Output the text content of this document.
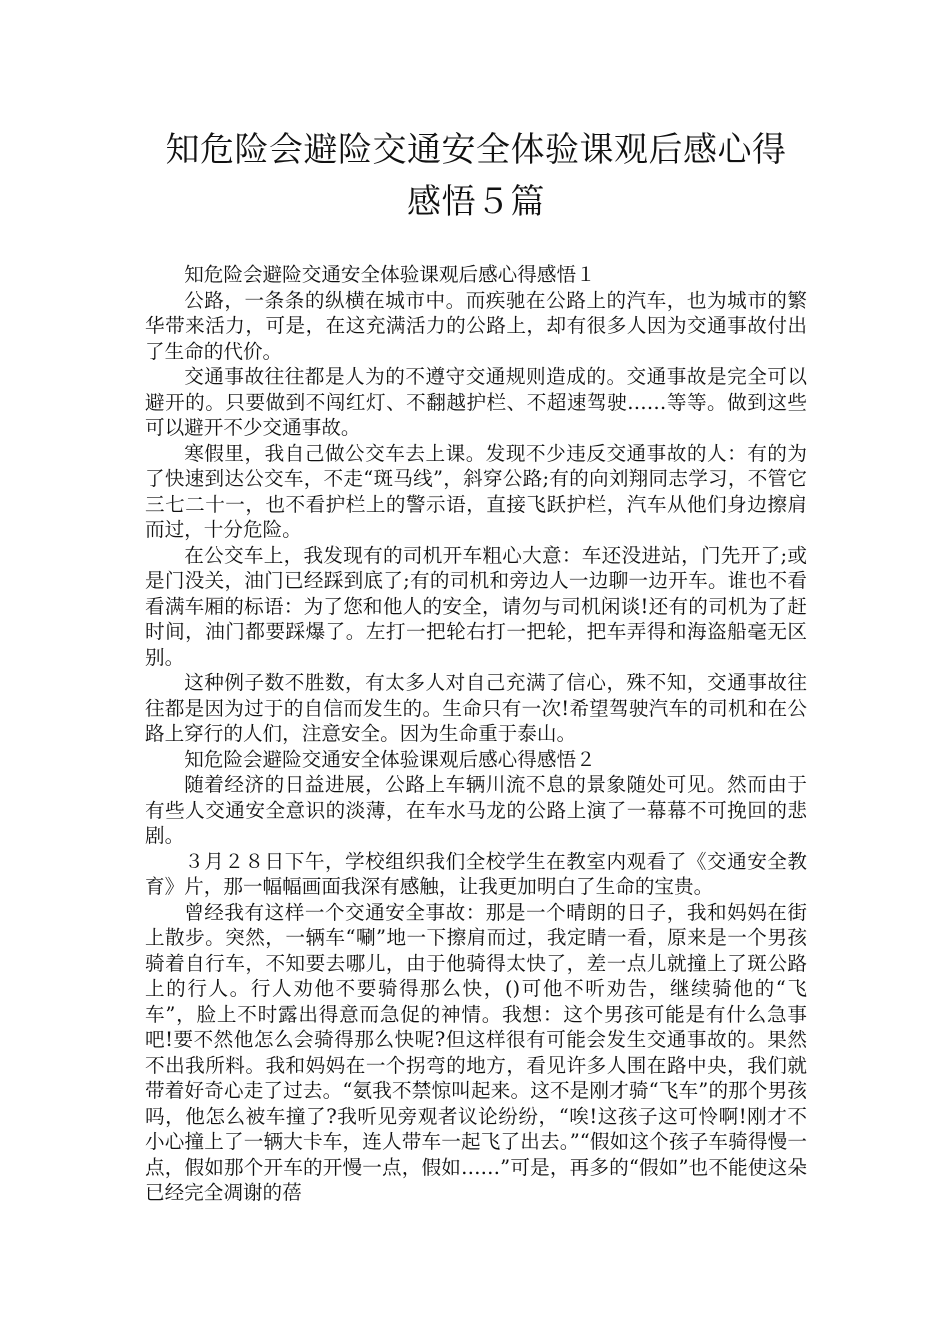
知危险会避险交通安全体验课观后感心得
感悟５篇

知危险会避险交通安全体验课观后感心得感悟１

公路，一条条的纵横在城市中。而疾驰在公路上的汽车，也为城市的繁华带来活力，可是，在这充满活力的公路上，却有很多人因为交通事故付出了生命的代价。

交通事故往往都是人为的不遵守交通规则造成的。交通事故是完全可以避开的。只要做到不闯红灯、不翻越护栏、不超速驾驶……等等。做到这些可以避开不少交通事故。

寒假里，我自己做公交车去上课。发现不少违反交通事故的人：有的为了快速到达公交车，不走“斑马线”，斜穿公路;有的向刘翔同志学习，不管它三七二十一，也不看护栏上的警示语，直接飞跃护栏，汽车从他们身边擦肩而过，十分危险。

在公交车上，我发现有的司机开车粗心大意：车还没进站，门先开了;或是门没关，油门已经踩到底了;有的司机和旁边人一边聊一边开车。谁也不看看满车厢的标语：为了您和他人的安全，请勿与司机闲谈!还有的司机为了赶时间，油门都要踩爆了。左打一把轮右打一把轮，把车弄得和海盗船毫无区别。

这种例子数不胜数，有太多人对自己充满了信心，殊不知，交通事故往往都是因为过于的自信而发生的。生命只有一次!希望驾驶汽车的司机和在公路上穿行的人们，注意安全。因为生命重于泰山。

知危险会避险交通安全体验课观后感心得感悟２

随着经济的日益进展，公路上车辆川流不息的景象随处可见。然而由于有些人交通安全意识的淡薄，在车水马龙的公路上演了一幕幕不可挽回的悲剧。

３月２８日下午，学校组织我们全校学生在教室内观看了《交通安全教育》片，那一幅幅画面我深有感触，让我更加明白了生命的宝贵。

曾经我有这样一个交通安全事故：那是一个晴朗的日子，我和妈妈在街上散步。突然，一辆车“唰”地一下擦肩而过，我定睛一看，原来是一个男孩骑着自行车，不知要去哪儿，由于他骑得太快了，差一点儿就撞上了斑公路上的行人。行人劝他不要骑得那么快，()可他不听劝告，继续骑他的“飞车”，脸上不时露出得意而急促的神情。我想：这个男孩可能是有什么急事吧!要不然他怎么会骑得那么快呢?但这样很有可能会发生交通事故的。果然不出我所料。我和妈妈在一个拐弯的地方，看见许多人围在路中央，我们就带着好奇心走了过去。“氨我不禁惊叫起来。这不是刚才骑“飞车”的那个男孩吗，他怎么被车撞了?我听见旁观者议论纷纷，“唉!这孩子这可怜啊!刚才不小心撞上了一辆大卡车，连人带车一起飞了出去。”“假如这个孩子车骑得慢一点，假如那个开车的开慢一点，假如……”可是，再多的“假如”也不能使这朵已经完全凋谢的蓓
